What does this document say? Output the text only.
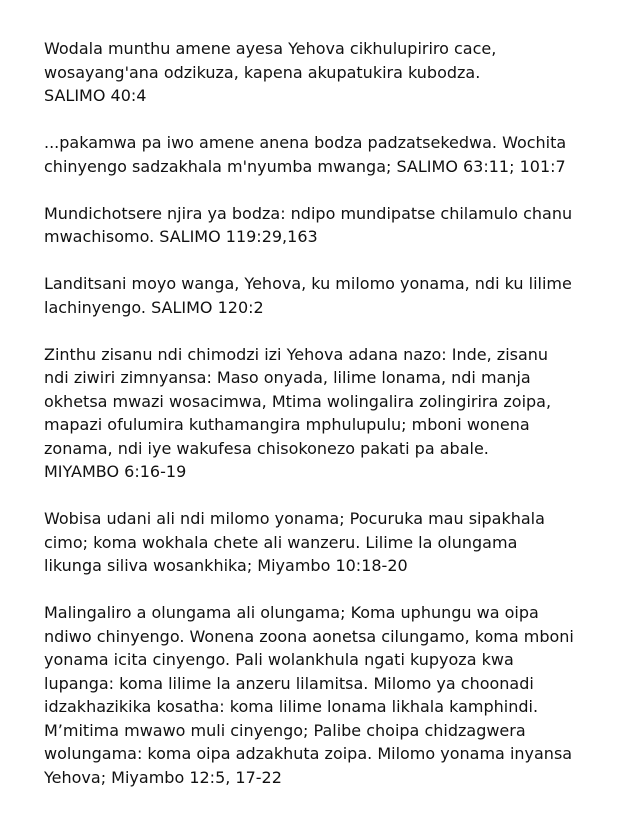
Wodala munthu amene ayesa Yehova cikhulupiriro cace,
wosayang'ana odzikuza, kapena akupatukira kubodza.
SALIMO 40:4

...pakamwa pa iwo amene anena bodza padzatsekedwa. Wochita
chinyengo sadzakhala m'nyumba mwanga; SALIMO 63:11; 101:7

Mundichotsere njira ya bodza: ndipo mundipatse chilamulo chanu
mwachisomo. SALIMO 119:29,163

Landitsani moyo wanga, Yehova, ku milomo yonama, ndi ku lilime
lachinyengo. SALIMO 120:2

Zinthu zisanu ndi chimodzi izi Yehova adana nazo: Inde, zisanu
ndi ziwiri zimnyansa: Maso onyada, lilime lonama, ndi manja
okhetsa mwazi wosacimwa, Mtima wolingalira zolingirira zoipa,
mapazi ofulumira kuthamangira mphulupulu; mboni wonena
zonama, ndi iye wakufesa chisokonezo pakati pa abale.
MIYAMBO 6:16-19

Wobisa udani ali ndi milomo yonama; Pocuruka mau sipakhala
cimo; koma wokhala chete ali wanzeru. Lilime la olungama
likunga siliva wosankhika; Miyambo 10:18-20

Malingaliro a olungama ali olungama; Koma uphungu wa oipa
ndiwo chinyengo. Wonena zoona aonetsa cilungamo, koma mboni
yonama icita cinyengo. Pali wolankhula ngati kupyoza kwa
lupanga: koma lilime la anzeru lilamitsa. Milomo ya choonadi
idzakhazikika kosatha: koma lilime lonama likhala kamphindi.
M’mitima mwawo muli cinyengo; Palibe choipa chidzagwera
wolungama: koma oipa adzakhuta zoipa. Milomo yonama inyansa
Yehova; Miyambo 12:5, 17-22
